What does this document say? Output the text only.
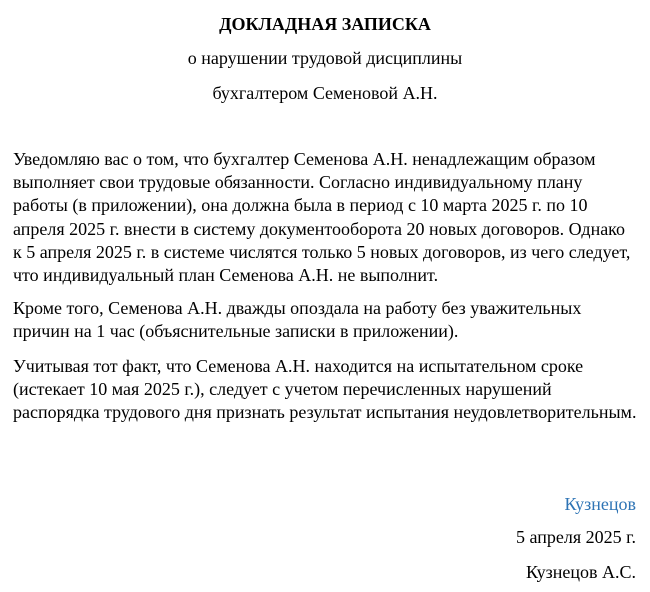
ДОКЛАДНАЯ ЗАПИСКА
о нарушении трудовой дисциплины
бухгалтером Семеновой А.Н.

Уведомляю вас о том, что бухгалтер Семенова А.Н. ненадлежащим образом выполняет свои трудовые обязанности. Согласно индивидуальному плану работы (в приложении), она должна была в период с 10 марта 2025 г. по 10 апреля 2025 г. внести в систему документооборота 20 новых договоров. Однако к 5 апреля 2025 г. в системе числятся только 5 новых договоров, из чего следует, что индивидуальный план Семенова А.Н. не выполнит.

Кроме того, Семенова А.Н. дважды опоздала на работу без уважительных причин на 1 час (объяснительные записки в приложении).

Учитывая тот факт, что Семенова А.Н. находится на испытательном сроке (истекает 10 мая 2025 г.), следует с учетом перечисленных нарушений распорядка трудового дня признать результат испытания неудовлетворительным.

Кузнецов
5 апреля 2025 г.
Кузнецов А.С.
